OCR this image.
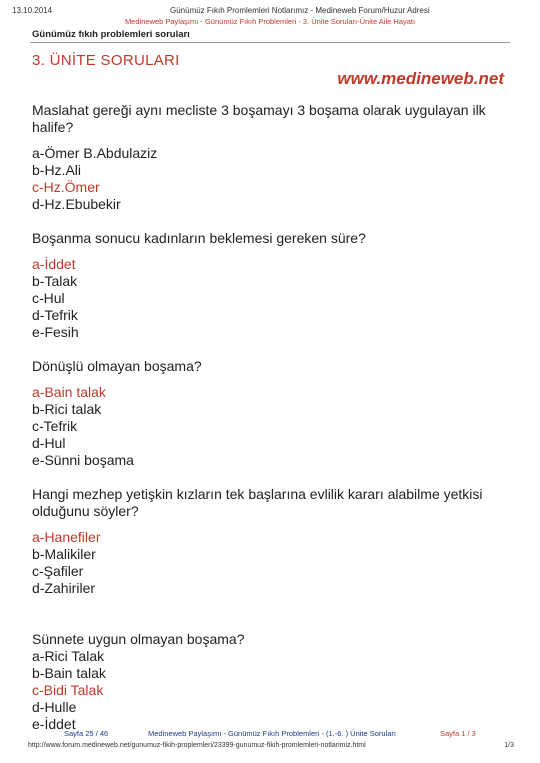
13.10.2014	Günümüz Fıkıh Promlemleri Notlarımız - Medineweb Forum/Huzur Adresi
Medineweb Paylaşımı - Günümüz Fıkıh Problemleri - 3. Ünite Soruları-Ünite Aile Hayatı
Günümüz fıkıh problemleri soruları
3. ÜNİTE SORULARI
www.medineweb.net

Maslahat gereği aynı mecliste 3 boşamayı 3 boşama olarak uygulayan ilk halife?

a-Ömer B.Abdulaziz

b-Hz.Ali

c-Hz.Ömer

d-Hz.Ebubekir

Boşanma sonucu kadınların beklemesi gereken süre?

a-İddet

b-Talak

c-Hul

d-Tefrik

e-Fesih

Dönüşlü olmayan boşama?

a-Bain talak

b-Rici talak

c-Tefrik

d-Hul

e-Sünni boşama

Hangi mezhep yetişkin kızların tek başlarına evlilik kararı alabilme yetkisi olduğunu söyler?

a-Hanefiler

b-Malikiler

c-Şafiler

d-Zahiriler

Sünnete uygun olmayan boşama?

a-Rici Talak

b-Bain talak

c-Bidi Talak

d-Hulle

e-İddet

Sayfa 25 / 46	Medineweb Paylaşımı - Günümüz Fıkıh Problemleri - (1.-6. ) Ünite Soruları	Sayfa 1 / 3
http://www.forum.medineweb.net/gunumuz-fikih-proplemleri/23399-gunumuz-fikih-promlemleri-notlarimiz.html	1/3
